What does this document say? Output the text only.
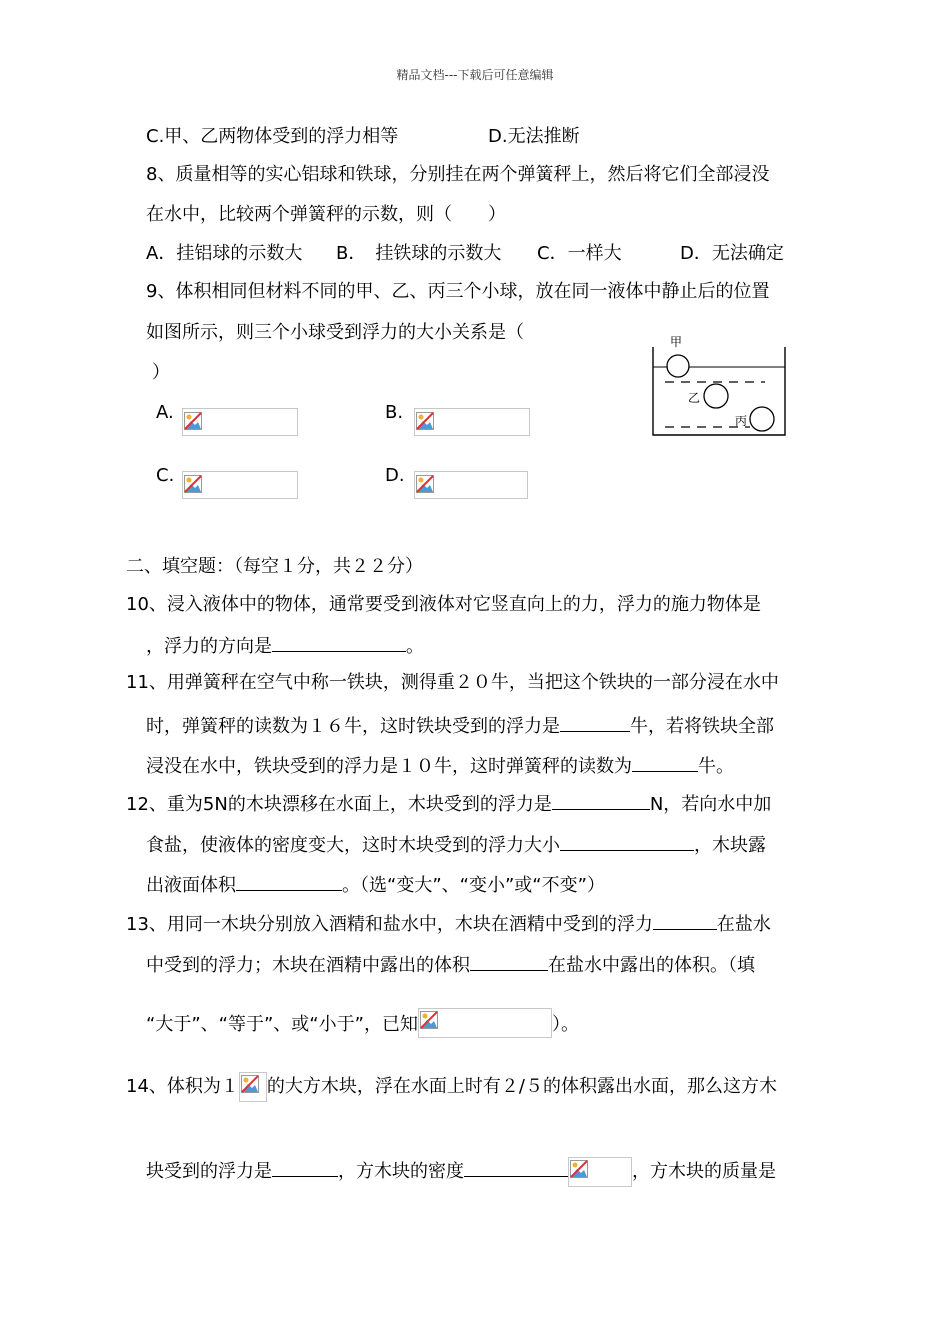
精品文档---下载后可任意编辑
C.甲、乙两物体受到的浮力相等	D.无法推断
8、质量相等的实心铝球和铁球，分别挂在两个弹簧秤上，然后将它们全部浸没
在水中，比较两个弹簧秤的示数，则（　　）
A．挂铝球的示数大 B．　挂铁球的示数大 C．一样大	D．无法确定
9、体积相同但材料不同的甲、乙、丙三个小球，放在同一液体中静止后的位置
如图所示，则三个小球受到浮力的大小关系是（
）
A.	B.
C.	D.
甲
乙
丙
二、填空题：（每空１分，共２２分）
10、浸入液体中的物体，通常要受到液体对它竖直向上的力，浮力的施力物体是
，浮力的方向是	。
11、用弹簧秤在空气中称一铁块，测得重２０牛，当把这个铁块的一部分浸在水中
时，弹簧秤的读数为１６牛，这时铁块受到的浮力是	牛，若将铁块全部
浸没在水中，铁块受到的浮力是１０牛，这时弹簧秤的读数为	牛。
12、重为5N的木块漂移在水面上，木块受到的浮力是	N，若向水中加
食盐，使液体的密度变大，这时木块受到的浮力大小	，木块露
出液面体积	。（选“变大”、“变小”或“不变”）
13、用同一木块分别放入酒精和盐水中，木块在酒精中受到的浮力	在盐水
中受到的浮力；木块在酒精中露出的体积	在盐水中露出的体积。（填
“大于”、“等于”、或“小于”，已知	）。
14、体积为１ 的大方木块，浮在水面上时有２/５的体积露出水面，那么这方木
块受到的浮力是	，方木块的密度	，方木块的质量是
